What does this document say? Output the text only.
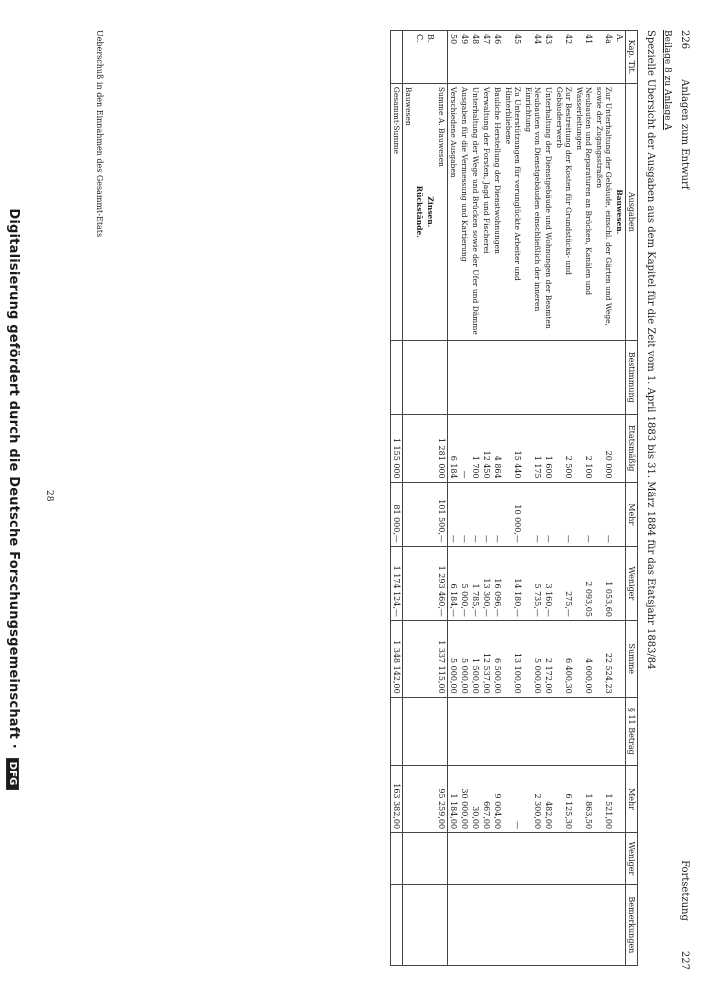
Digitalisierung gefördert durch die Deutsche Forschungsgemeinschaft · DFG
226
Anlagen zum Entwurf
Fortsetzung
227
Beilage 8 zu Anlage A
Spezielle Übersicht der Ausgaben aus dem Kapitel für die Zeit vom 1. April 1883 bis 31. März 1884 für das Etatsjahr 1883/84
Kap. Tit.	Ausgaben	Bestimmung	Etatsmäßig	Mehr	Weniger	Summe	§ 11 Betrag	Mehr	Weniger	Bemerkungen
A.	Bauwesen.									
4a	Zur Unterhaltung der Gebäude, einschl. der Gärten und Wege, sowie der Zugangsstraßen		20 000	—	1 053,60	22 524,23		1 521,00		
41	Neubauten und Reparaturen an Brücken, Kanälen und Wasserleitungen		2 100	—	2 093,05	4 000,00		1 863,50		
42	Zur Bestreitung der Kosten für Grundstücks- und Gebäudeerwerb		2 500	—	275,—	6 400,30		6 125,30		
43	Unterhaltung der Dienstgebäude und Wohnungen der Beamten		1 600	—	3 160,—	2 172,00		482,00		
44	Neubauten von Dienstgebäuden einschließlich der inneren Einrichtung		1 175	—	5 735,—	5 000,00		2 300,00		
45	Zu Unterstützungen für verunglückte Arbeiter und Hinterbliebene		15 440	10 000,—	14 180,—	13 100,00		—		
46	Bauliche Herstellung der Dienstwohnungen		4 864	—	16 096,—	6 500,00		9 004,00		
47	Verwaltung der Forsten, Jagd und Fischerei		12 450	—	13 300,—	12 537,00		667,00		
48	Unterhaltung der Wege und Brücken sowie der Ufer und Dämme		1 700	—	1 785,—	1 500,00		30,00		
49	Ausgaben für die Vermessung und Kartierung		—	—	5 000,—	5 000,00		30 000,00		
50	Verschiedene Ausgaben		6 184	—	6 184,—	5 000,00		1 184,00		
	Summe A. Bauwesen		1 281 000	101 500,—	1 293 460,—	1 337 115,00		95 259,00		
B.	Zinsen.									
C.	Rückstände.									
	Bauwesen									
	Gesammt-Summe		1 155 000	81 000,—	1 174 124,—	1 348 142,00		163 382,00		
Ueberschuß in den Einnahmen des Gesammt-Etats
28
